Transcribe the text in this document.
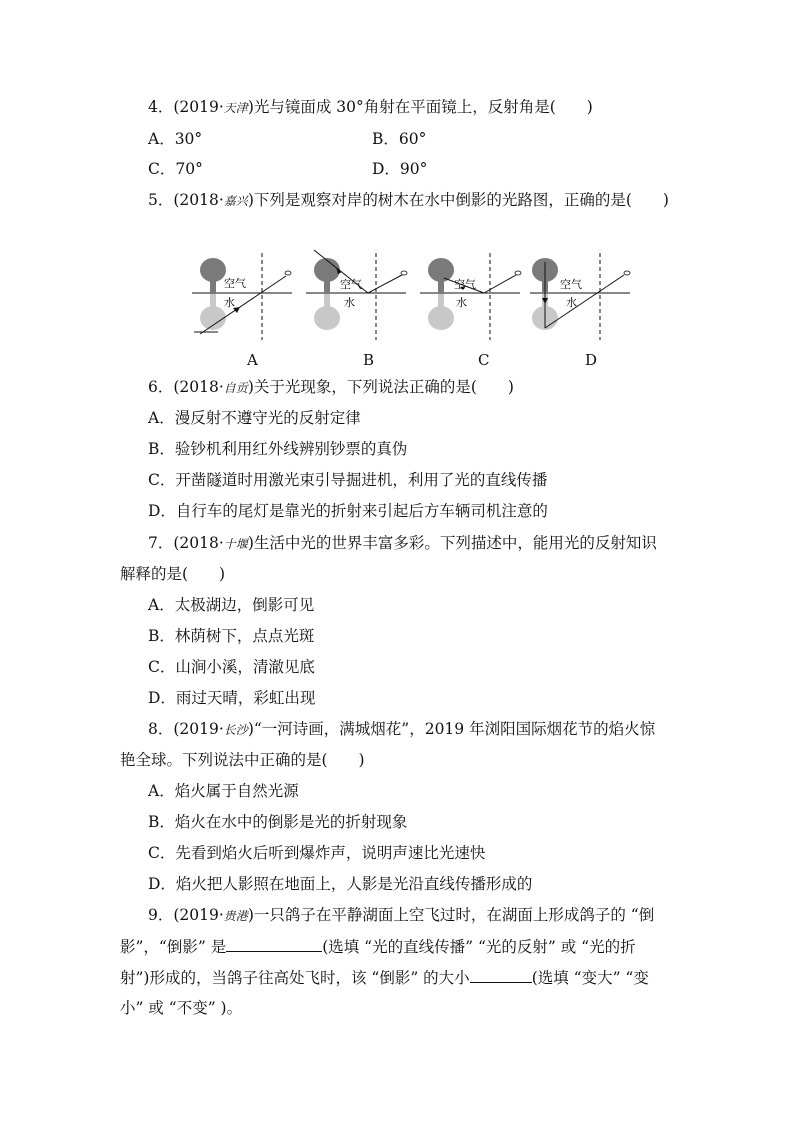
4．(2019·天津)光与镜面成 30°角射在平面镜上，反射角是(　　)
A．30°	B．60°
C．70°	D．90°
5．(2018·嘉兴)下列是观察对岸的树木在水中倒影的光路图，正确的是(　　)
空气
水
空气
水
空气
水
空气
水
A	B	C	D
6．(2018·自贡)关于光现象，下列说法正确的是(　　)
A．漫反射不遵守光的反射定律
B．验钞机利用红外线辨别钞票的真伪
C．开凿隧道时用激光束引导掘进机，利用了光的直线传播
D．自行车的尾灯是靠光的折射来引起后方车辆司机注意的
7．(2018·十堰)生活中光的世界丰富多彩。下列描述中，能用光的反射知识
解释的是(　　)
A．太极湖边，倒影可见
B．林荫树下，点点光斑
C．山涧小溪，清澈见底
D．雨过天晴，彩虹出现
8．(2019·长沙)“一河诗画，满城烟花”，2019 年浏阳国际烟花节的焰火惊
艳全球。下列说法中正确的是(　　)
A．焰火属于自然光源
B．焰火在水中的倒影是光的折射现象
C．先看到焰火后听到爆炸声，说明声速比光速快
D．焰火把人影照在地面上，人影是光沿直线传播形成的
9．(2019·贵港)一只鸽子在平静湖面上空飞过时，在湖面上形成鸽子的 “倒
影”，“倒影” 是	(选填 “光的直线传播” “光的反射” 或 “光的折
射”)形成的，当鸽子往高处飞时，该 “倒影” 的大小	(选填 “变大” “变
小” 或 “不变” )。
